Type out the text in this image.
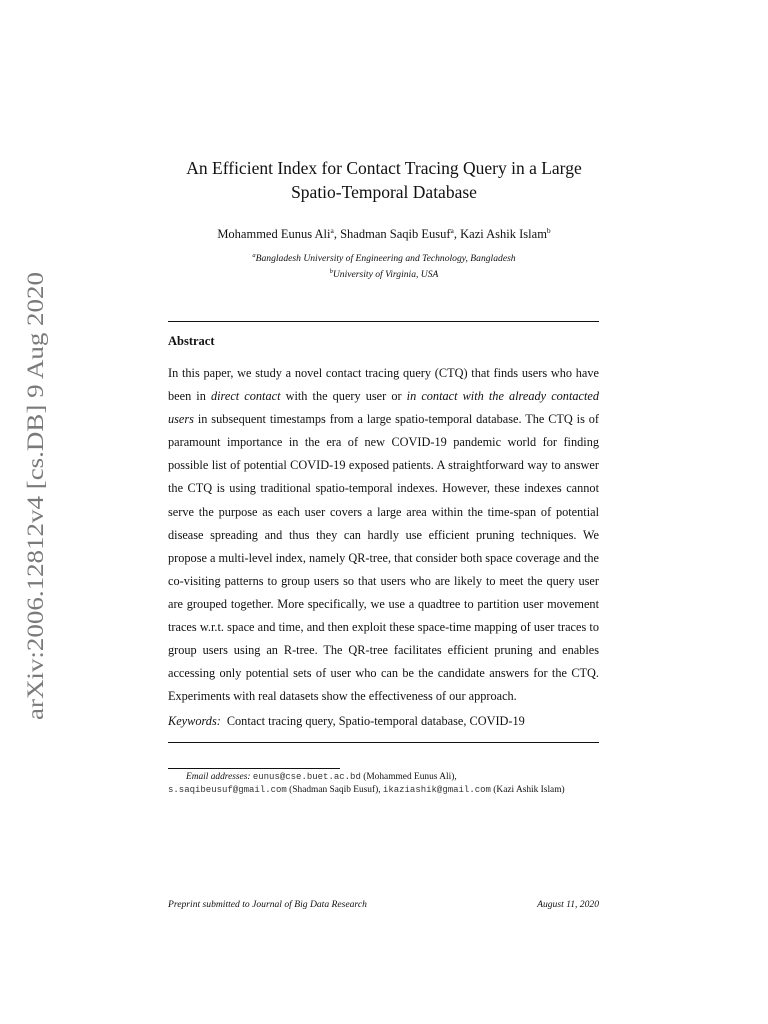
arXiv:2006.12812v4 [cs.DB] 9 Aug 2020
An Efficient Index for Contact Tracing Query in a Large
Spatio-Temporal Database
Mohammed Eunus Ali$^a$, Shadman Saqib Eusuf$^a$, Kazi Ashik Islam$^b$
$^a$Bangladesh University of Engineering and Technology, Bangladesh
$^b$University of Virginia, USA
Abstract

In this paper, we study a novel contact tracing query (CTQ) that finds users who have been in direct contact with the query user or in contact with the already contacted users in subsequent timestamps from a large spatio-temporal database. The CTQ is of paramount importance in the era of new COVID-19 pandemic world for finding possible list of potential COVID-19 exposed patients. A straightforward way to answer the CTQ is using traditional spatio-temporal indexes. However, these indexes cannot serve the purpose as each user covers a large area within the time-span of potential disease spreading and thus they can hardly use efficient pruning techniques. We propose a multi-level index, namely QR-tree, that consider both space coverage and the co-visiting patterns to group users so that users who are likely to meet the query user are grouped together. More specifically, we use a quadtree to partition user movement traces w.r.t. space and time, and then exploit these space-time mapping of user traces to group users using an R-tree. The QR-tree facilitates efficient pruning and enables accessing only potential sets of user who can be the candidate answers for the CTQ. Experiments with real datasets show the effectiveness of our approach.

Keywords: Contact tracing query, Spatio-temporal database, COVID-19

Email addresses: eunus@cse.buet.ac.bd (Mohammed Eunus Ali),
s.saqibeusuf@gmail.com (Shadman Saqib Eusuf), ikaziashik@gmail.com (Kazi Ashik Islam)

Preprint submitted to Journal of Big Data Research	August 11, 2020
